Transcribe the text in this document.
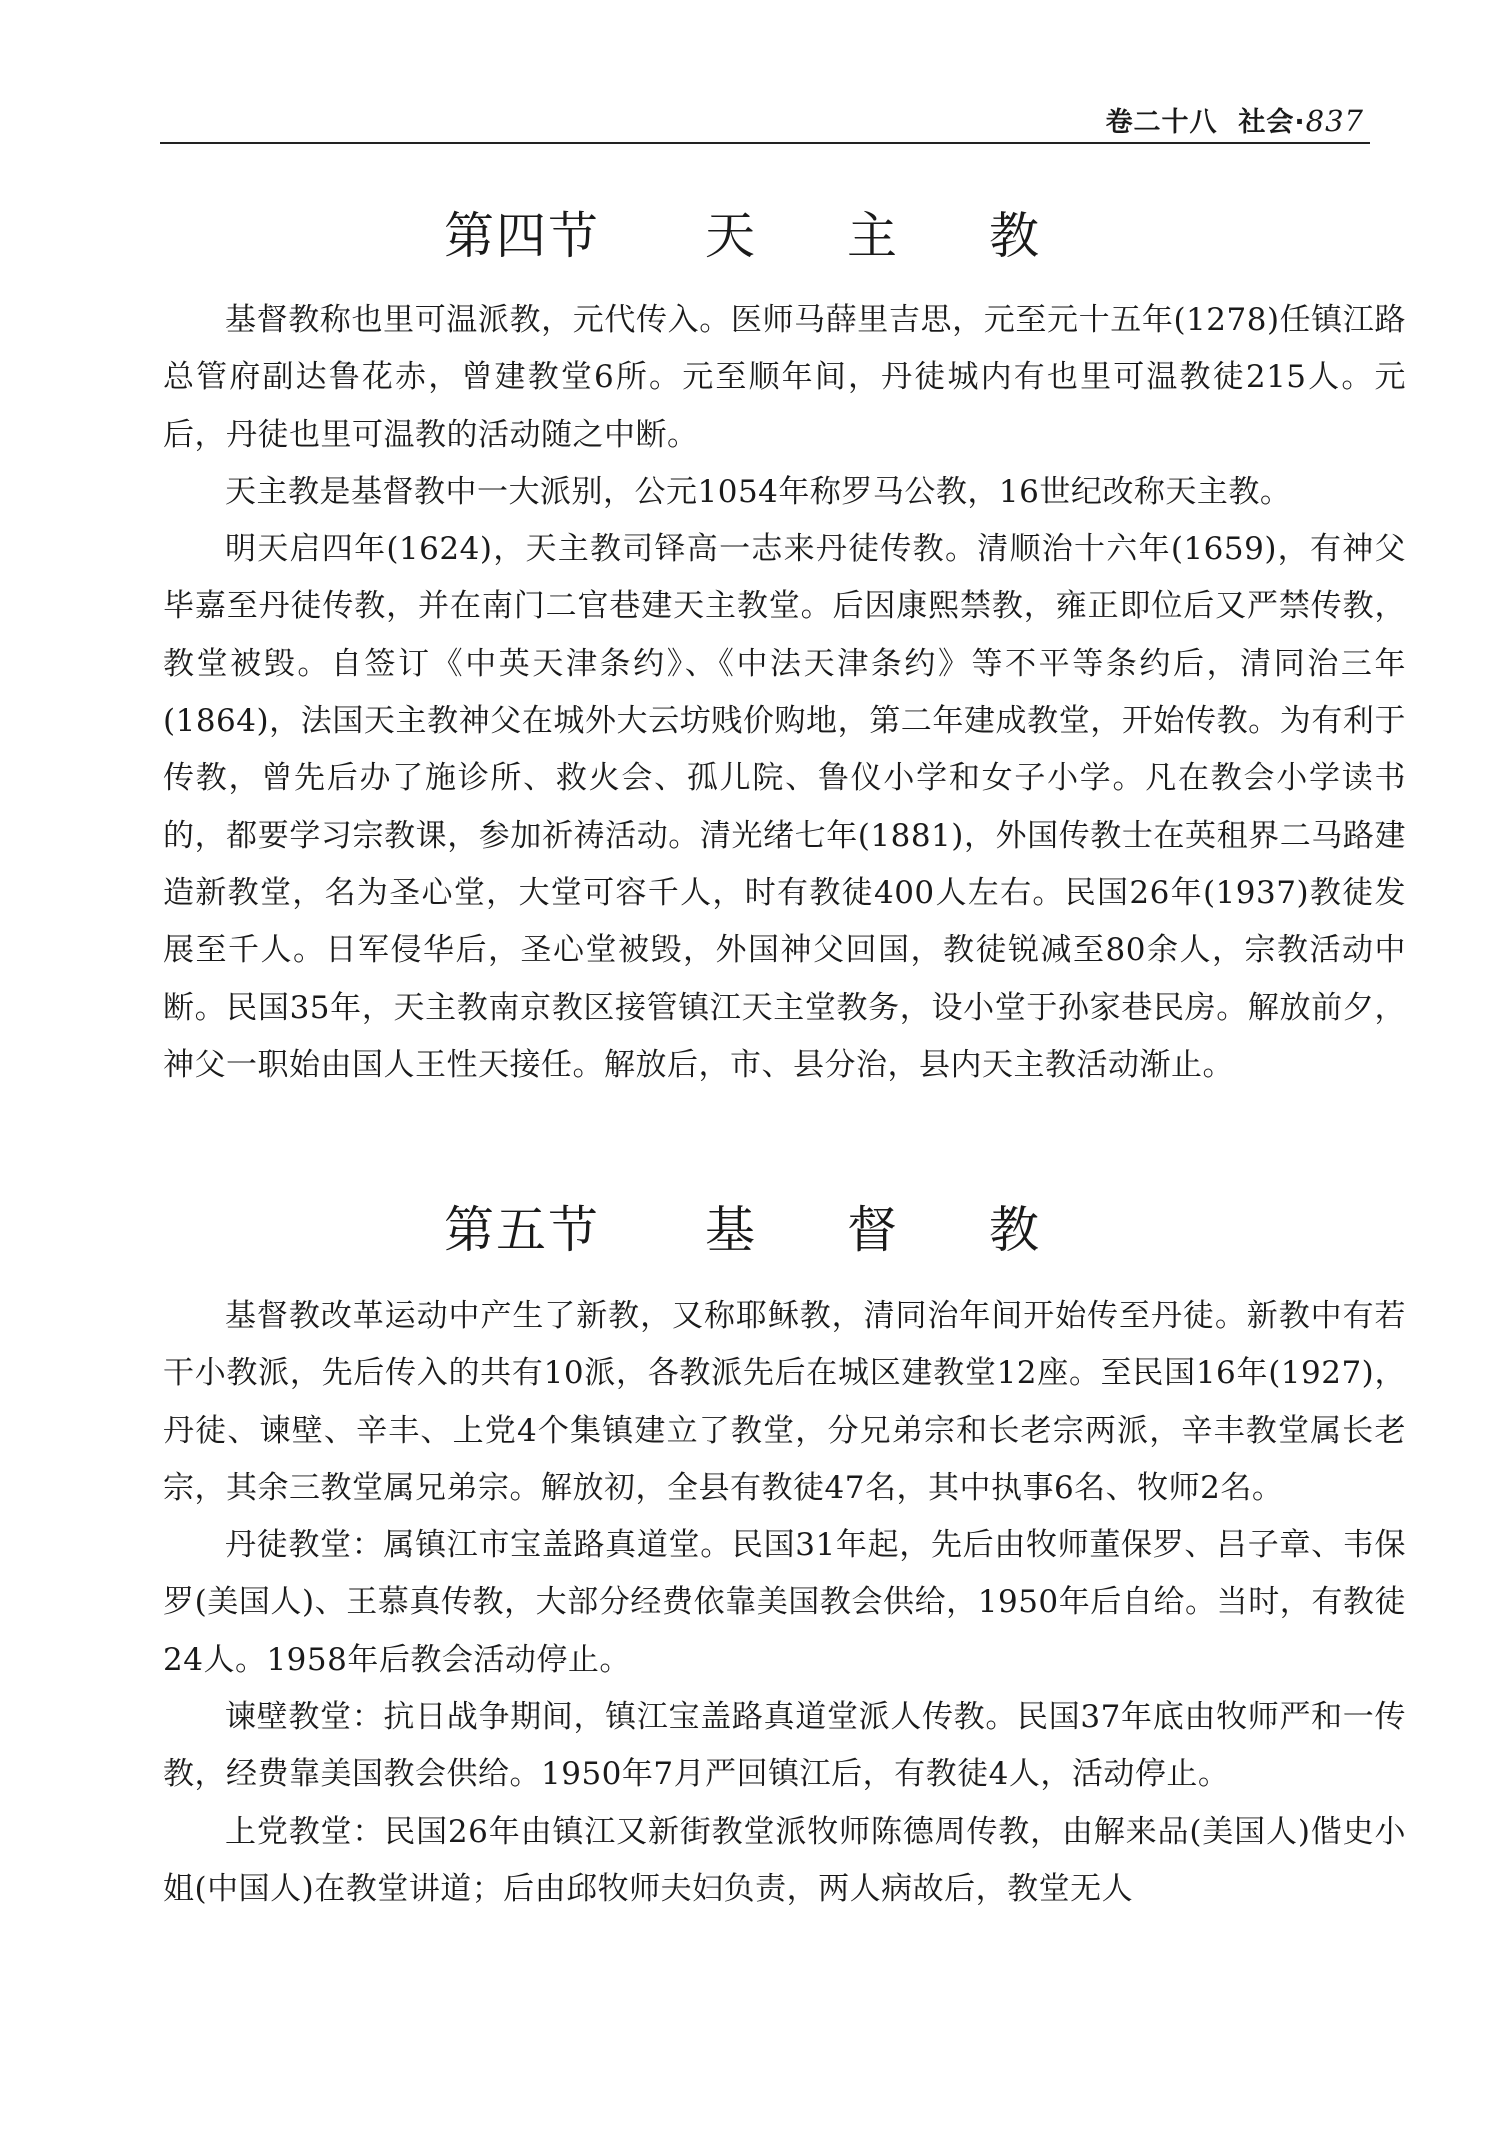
卷二十八 社会·837
第四节 天 主 教

基督教称也里可温派教，元代传入。医师马薛里吉思，元至元十五年(1278)任镇江路总管府副达鲁花赤，曾建教堂6所。元至顺年间，丹徒城内有也里可温教徒215人。元后，丹徒也里可温教的活动随之中断。

天主教是基督教中一大派别，公元1054年称罗马公教，16世纪改称天主教。

明天启四年(1624)，天主教司铎高一志来丹徒传教。清顺治十六年(1659)，有神父毕嘉至丹徒传教，并在南门二官巷建天主教堂。后因康熙禁教，雍正即位后又严禁传教，教堂被毁。自签订《中英天津条约》、《中法天津条约》等不平等条约后，清同治三年(1864)，法国天主教神父在城外大云坊贱价购地，第二年建成教堂，开始传教。为有利于传教，曾先后办了施诊所、救火会、孤儿院、鲁仪小学和女子小学。凡在教会小学读书的，都要学习宗教课，参加祈祷活动。清光绪七年(1881)，外国传教士在英租界二马路建造新教堂，名为圣心堂，大堂可容千人，时有教徒400人左右。民国26年(1937)教徒发展至千人。日军侵华后，圣心堂被毁，外国神父回国，教徒锐减至80余人，宗教活动中断。民国35年，天主教南京教区接管镇江天主堂教务，设小堂于孙家巷民房。解放前夕，神父一职始由国人王性天接任。解放后，市、县分治，县内天主教活动渐止。

第五节 基 督 教

基督教改革运动中产生了新教，又称耶稣教，清同治年间开始传至丹徒。新教中有若干小教派，先后传入的共有10派，各教派先后在城区建教堂12座。至民国16年(1927)，丹徒、谏壁、辛丰、上党4个集镇建立了教堂，分兄弟宗和长老宗两派，辛丰教堂属长老宗，其余三教堂属兄弟宗。解放初，全县有教徒47名，其中执事6名、牧师2名。

丹徒教堂：属镇江市宝盖路真道堂。民国31年起，先后由牧师董保罗、吕子章、韦保罗(美国人)、王慕真传教，大部分经费依靠美国教会供给，1950年后自给。当时，有教徒24人。1958年后教会活动停止。

谏壁教堂：抗日战争期间，镇江宝盖路真道堂派人传教。民国37年底由牧师严和一传教，经费靠美国教会供给。1950年7月严回镇江后，有教徒4人，活动停止。

上党教堂：民国26年由镇江又新街教堂派牧师陈德周传教，由解来品(美国人)偕史小姐(中国人)在教堂讲道；后由邱牧师夫妇负责，两人病故后，教堂无人
